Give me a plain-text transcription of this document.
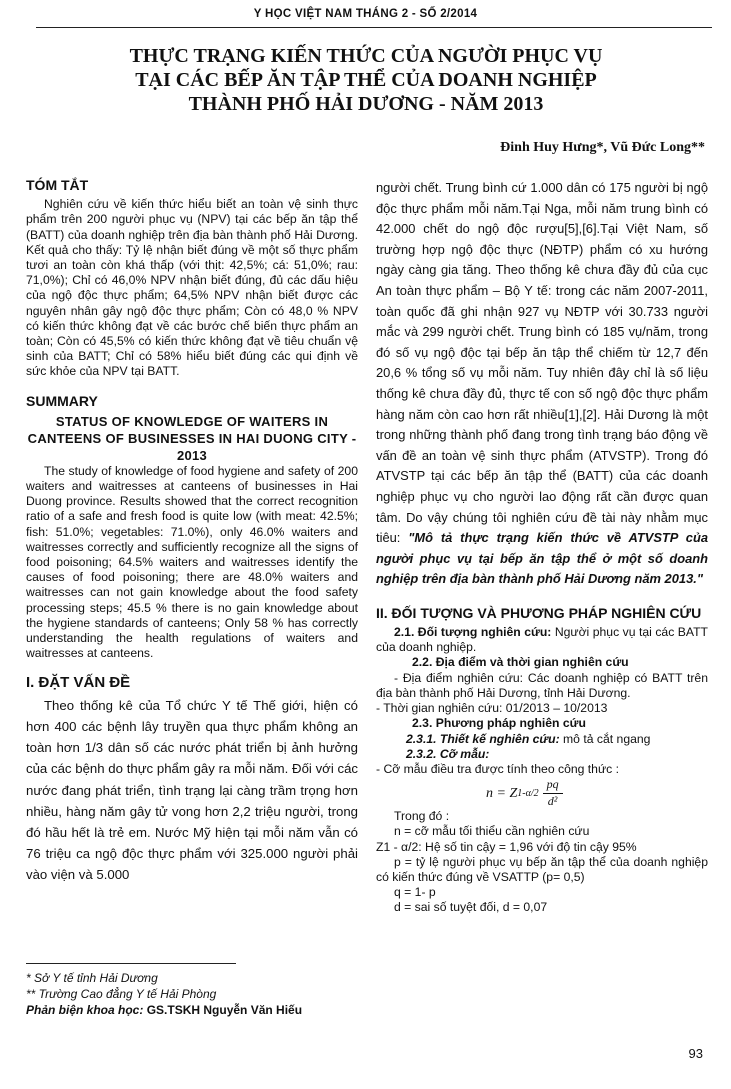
Y HỌC VIỆT NAM THÁNG 2 - SỐ 2/2014
THỰC TRẠNG KIẾN THỨC CỦA NGƯỜI PHỤC VỤ
TẠI CÁC BẾP ĂN TẬP THỂ CỦA DOANH NGHIỆP
THÀNH PHỐ HẢI DƯƠNG - NĂM 2013
Đinh Huy Hưng*, Vũ Đức Long**
TÓM TẮT

Nghiên cứu về kiến thức hiểu biết an toàn vệ sinh thực phẩm trên 200 người phục vụ (NPV) tại các bếp ăn tập thể (BATT) của doanh nghiệp trên địa bàn thành phố Hải Dương. Kết quả cho thấy: Tỷ lệ nhận biết đúng về một số thực phẩm tươi an toàn còn khá thấp (với thịt: 42,5%; cá: 51,0%; rau: 71,0%); Chỉ có 46,0% NPV nhận biết đúng, đủ các dấu hiệu của ngộ độc thực phẩm; 64,5% NPV nhận biết được các nguyên nhân gây ngộ độc thực phẩm; Còn có 48,0 % NPV có kiến thức không đạt về các bước chế biến thực phẩm an toàn; Còn có 45,5% có kiến thức không đạt về tiêu chuẩn vệ sinh của BATT; Chỉ có 58% hiểu biết đúng các qui định về sức khỏe của NPV tại BATT.

SUMMARY
STATUS OF KNOWLEDGE OF WAITERS IN CANTEENS OF BUSINESSES IN HAI DUONG CITY - 2013

The study of knowledge of food hygiene and safety of 200 waiters and waitresses at canteens of businesses in Hai Duong province. Results showed that the correct recognition ratio of a safe and fresh food is quite low (with meat: 42.5%; fish: 51.0%; vegetables: 71.0%), only 46.0% waiters and waitresses correctly and sufficiently recognize all the signs of food poisoning; 64.5% waiters and waitresses identify the causes of food poisoning; there are 48.0% waiters and waitresses can not gain knowledge about the food safety processing steps; 45.5 % there is no gain knowledge about the hygiene standards of canteens; Only 58 % has correctly understanding the health regulations of waiters and waitresses at canteens.

I. ĐẶT VẤN ĐỀ

Theo thống kê của Tổ chức Y tế Thế giới, hiện có hơn 400 các bệnh lây truyền qua thực phẩm không an toàn hơn 1/3 dân số các nước phát triển bị ảnh hưởng của các bệnh do thực phẩm gây ra mỗi năm. Đối với các nước đang phát triển, tình trạng lại càng trầm trọng hơn nhiều, hàng năm gây tử vong hơn 2,2 triệu người, trong đó hầu hết là trẻ em. Nước Mỹ hiện tại mỗi năm vẫn có 76 triệu ca ngộ độc thực phẩm với 325.000 người phải vào viện và 5.000

người chết. Trung bình cứ 1.000 dân có 175 người bị ngộ độc thực phẩm mỗi năm.Tại Nga, mỗi năm trung bình có 42.000 chết do ngộ độc rượu[5],[6].Tại Việt Nam, số trường hợp ngộ độc thực (NĐTP) phẩm có xu hướng ngày càng gia tăng. Theo thống kê chưa đầy đủ của cục An toàn thực phẩm – Bộ Y tế: trong các năm 2007-2011, toàn quốc đã ghi nhận 927 vụ NĐTP với 30.733 người mắc và 299 người chết. Trung bình có 185 vụ/năm, trong đó số vụ ngộ độc tại bếp ăn tập thể chiếm từ 12,7 đến 20,6 % tổng số vụ mỗi năm. Tuy nhiên đây chỉ là số liệu thống kê chưa đầy đủ, thực tế con số ngộ độc thực phẩm hàng năm còn cao hơn rất nhiều[1],[2]. Hải Dương là một trong những thành phố đang trong tình trạng báo động về vấn đề an toàn vệ sinh thực phẩm (ATVSTP). Trong đó ATVSTP tại các bếp ăn tập thể (BATT) của các doanh nghiệp phục vụ cho người lao động rất cần được quan tâm. Do vậy chúng tôi nghiên cứu đề tài này nhằm mục tiêu: "Mô tả thực trạng kiến thức về ATVSTP của người phục vụ tại bếp ăn tập thể ở một số doanh nghiệp trên địa bàn thành phố Hải Dương năm 2013."

II. ĐỐI TƯỢNG VÀ PHƯƠNG PHÁP NGHIÊN CỨU

2.1. Đối tượng nghiên cứu: Người phục vụ tại các BATT của doanh nghiệp.

2.2. Địa điểm và thời gian nghiên cứu

- Địa điểm nghiên cứu: Các doanh nghiệp có BATT trên địa bàn thành phố Hải Dương, tỉnh Hải Dương.

- Thời gian nghiên cứu: 01/2013 – 10/2013

2.3. Phương pháp nghiên cứu

2.3.1. Thiết kế nghiên cứu: mô tả cắt ngang

2.3.2. Cỡ mẫu:

- Cỡ mẫu điều tra được tính theo công thức :

n = Z $1-\alpha/2 \frac{pq}{\text{d²}}$

Trong đó :

n = cỡ mẫu tối thiểu cần nghiên cứu

Z1 - α/2: Hệ số tin cậy = 1,96 với độ tin cậy 95%

p = tỷ lệ người phục vụ bếp ăn tập thể của doanh nghiệp có kiến thức đúng về VSATTP (p= 0,5)

q = 1- p

d = sai số tuyệt đối, d = 0,07

* Sở Y tế tỉnh Hải Dương
** Trường Cao đẳng Y tế Hải Phòng
Phản biện khoa học: GS.TSKH Nguyễn Văn Hiếu
93
